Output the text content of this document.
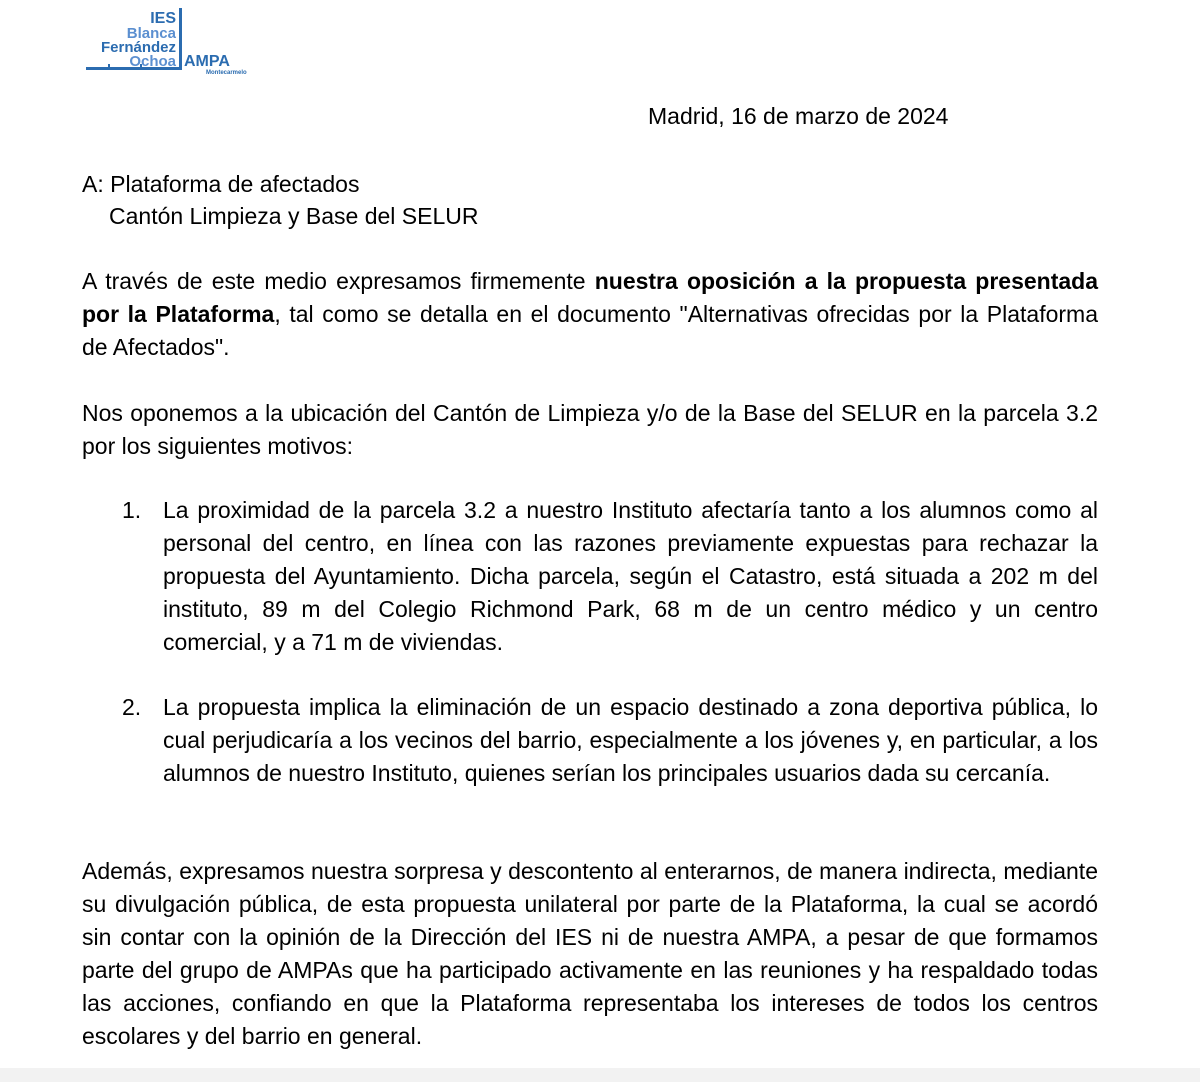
IES
Blanca
Fernández
Ochoa AMPA
Montecarmelo
Madrid, 16 de marzo de 2024
A: Plataforma de afectados
Cantón Limpieza y Base del SELUR

A través de este medio expresamos firmemente nuestra oposición a la propuesta presentada por la Plataforma, tal como se detalla en el documento "Alternativas ofrecidas por la Plataforma de Afectados".

Nos oponemos a la ubicación del Cantón de Limpieza y/o de la Base del SELUR en la parcela 3.2 por los siguientes motivos:

1. La proximidad de la parcela 3.2 a nuestro Instituto afectaría tanto a los alumnos como al personal del centro, en línea con las razones previamente expuestas para rechazar la propuesta del Ayuntamiento. Dicha parcela, según el Catastro, está situada a 202 m del instituto, 89 m del Colegio Richmond Park, 68 m de un centro médico y un centro comercial, y a 71 m de viviendas.
2. La propuesta implica la eliminación de un espacio destinado a zona deportiva pública, lo cual perjudicaría a los vecinos del barrio, especialmente a los jóvenes y, en particular, a los alumnos de nuestro Instituto, quienes serían los principales usuarios dada su cercanía.

Además, expresamos nuestra sorpresa y descontento al enterarnos, de manera indirecta, mediante su divulgación pública, de esta propuesta unilateral por parte de la Plataforma, la cual se acordó sin contar con la opinión de la Dirección del IES ni de nuestra AMPA, a pesar de que formamos parte del grupo de AMPAs que ha participado activamente en las reuniones y ha respaldado todas las acciones, confiando en que la Plataforma representaba los intereses de todos los centros escolares y del barrio en general.
